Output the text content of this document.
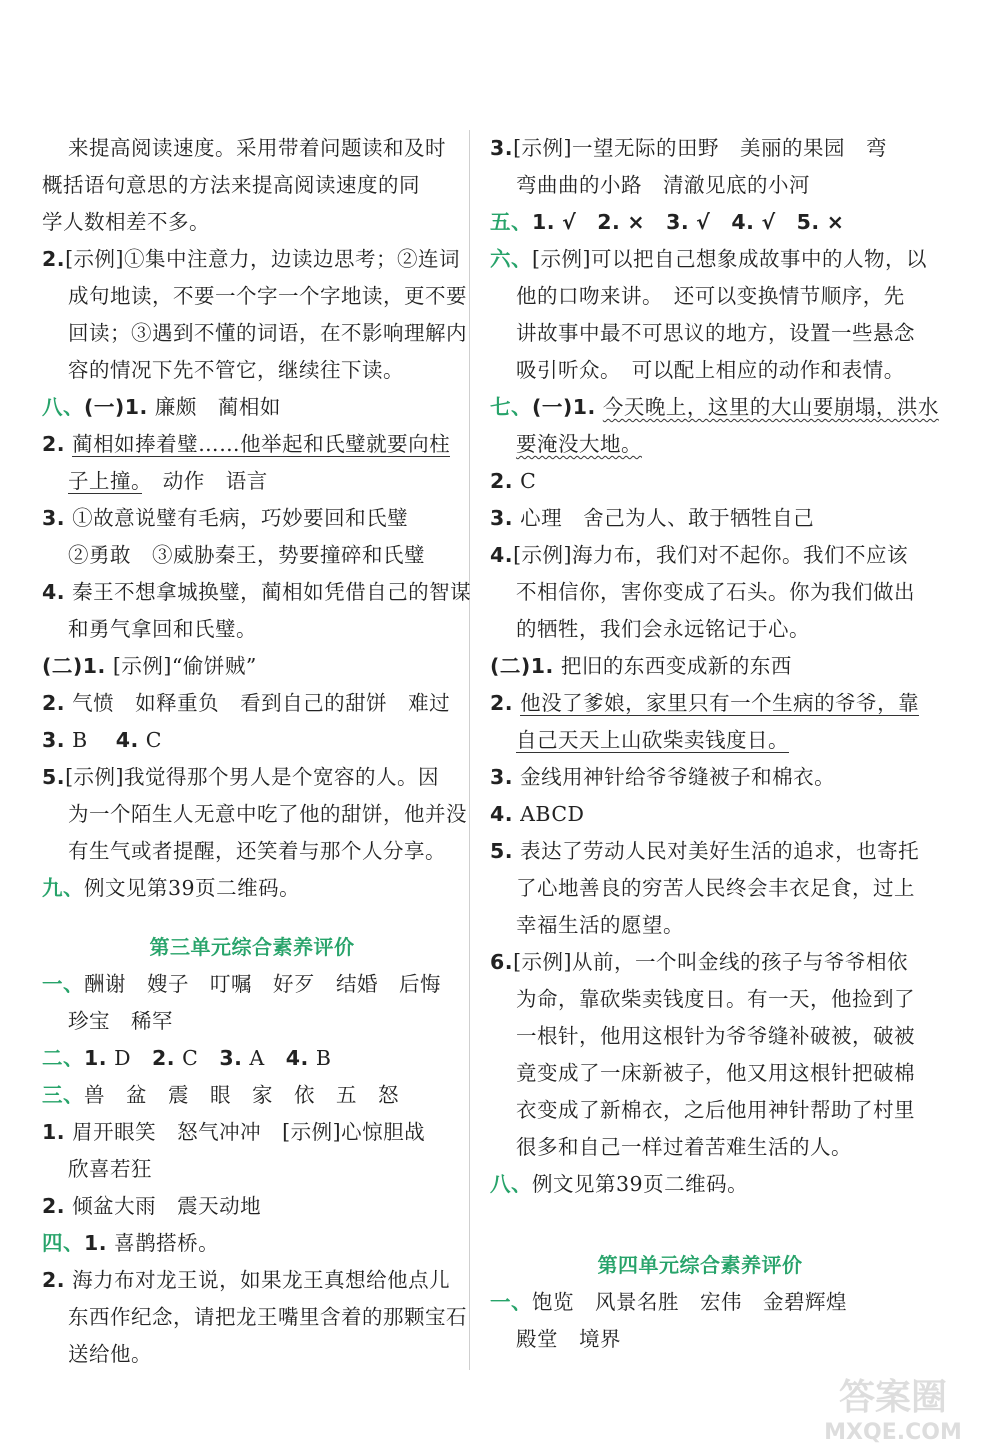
来提高阅读速度。采用带着问题读和及时
概括语句意思的方法来提高阅读速度的同
学人数相差不多。
2.[示例]①集中注意力，边读边思考；②连词
成句地读，不要一个字一个字地读，更不要
回读；③遇到不懂的词语，在不影响理解内
容的情况下先不管它，继续往下读。
八、(一)1. 廉颇　蔺相如
2. 蔺相如捧着璧……他举起和氏璧就要向柱
子上撞。　 动作　语言
3. ①故意说璧有毛病，巧妙要回和氏璧
②勇敢　③威胁秦王，势要撞碎和氏璧
4. 秦王不想拿城换璧，蔺相如凭借自己的智谋
和勇气拿回和氏璧。
(二)1. [示例]“偷饼贼”
2. 气愤　如释重负　看到自己的甜饼　难过
3. B　 4. C
5.[示例]我觉得那个男人是个宽容的人。因
为一个陌生人无意中吃了他的甜饼，他并没
有生气或者提醒，还笑着与那个人分享。
九、例文见第39页二维码。
第三单元综合素养评价
一、酬谢　嫂子　叮嘱　好歹　结婚　后悔
珍宝　稀罕
二、1. D　2. C　3. A　4. B
三、兽　盆　震　眼　家　依　五　怒
1. 眉开眼笑　怒气冲冲　[示例]心惊胆战
欣喜若狂
2. 倾盆大雨　震天动地
四、1. 喜鹊搭桥。
2. 海力布对龙王说，如果龙王真想给他点儿
东西作纪念，请把龙王嘴里含着的那颗宝石
送给他。
3.[示例]一望无际的田野　美丽的果园　弯
弯曲曲的小路　清澈见底的小河
五、1. √　2. ×　3. √　4. √　5. ×
六、[示例]可以把自己想象成故事中的人物，以
他的口吻来讲。　还可以变换情节顺序，先
讲故事中最不可思议的地方，设置一些悬念
吸引听众。　可以配上相应的动作和表情。
七、(一)1. 今天晚上，这里的大山要崩塌，洪水
要淹没大地。
2. C
3. 心理　舍己为人、敢于牺牲自己
4.[示例]海力布，我们对不起你。我们不应该
不相信你，害你变成了石头。你为我们做出
的牺牲，我们会永远铭记于心。
(二)1. 把旧的东西变成新的东西
2. 他没了爹娘，家里只有一个生病的爷爷，靠
自己天天上山砍柴卖钱度日。
3. 金线用神针给爷爷缝被子和棉衣。
4. ABCD
5. 表达了劳动人民对美好生活的追求，也寄托
了心地善良的穷苦人民终会丰衣足食，过上
幸福生活的愿望。
6.[示例]从前，一个叫金线的孩子与爷爷相依
为命，靠砍柴卖钱度日。有一天，他捡到了
一根针，他用这根针为爷爷缝补破被，破被
竟变成了一床新被子，他又用这根针把破棉
衣变成了新棉衣，之后他用神针帮助了村里
很多和自己一样过着苦难生活的人。
八、例文见第39页二维码。
第四单元综合素养评价
一、饱览　风景名胜　宏伟　金碧辉煌
殿堂　境界
答案圈
MXQE.COM
